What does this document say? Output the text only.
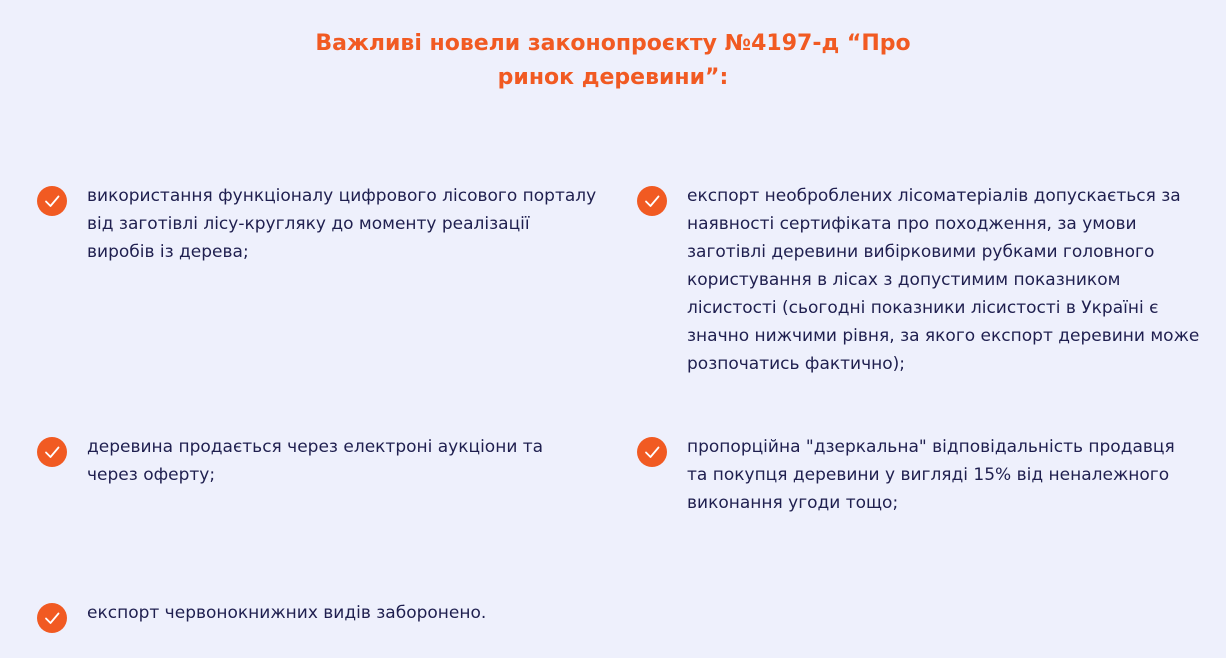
Важливі новели законопроєкту №4197-д “Про
ринок деревини”:
використання функціоналу цифрового лісового порталу від заготівлі лісу-кругляку до моменту реалізації виробів із дерева;
експорт необроблених лісоматеріалів допускається за наявності сертифіката про походження, за умови заготівлі деревини вибірковими рубками головного користування в лісах з допустимим показником лісистості (сьогодні показники лісистості в Україні є значно нижчими рівня, за якого експорт деревини може розпочатись фактично);
деревина продається через електроні аукціони та через оферту;
пропорційна "дзеркальна" відповідальність продавця та покупця деревини у вигляді 15% від неналежного виконання угоди тощо;
експорт червонокнижних видів заборонено.
